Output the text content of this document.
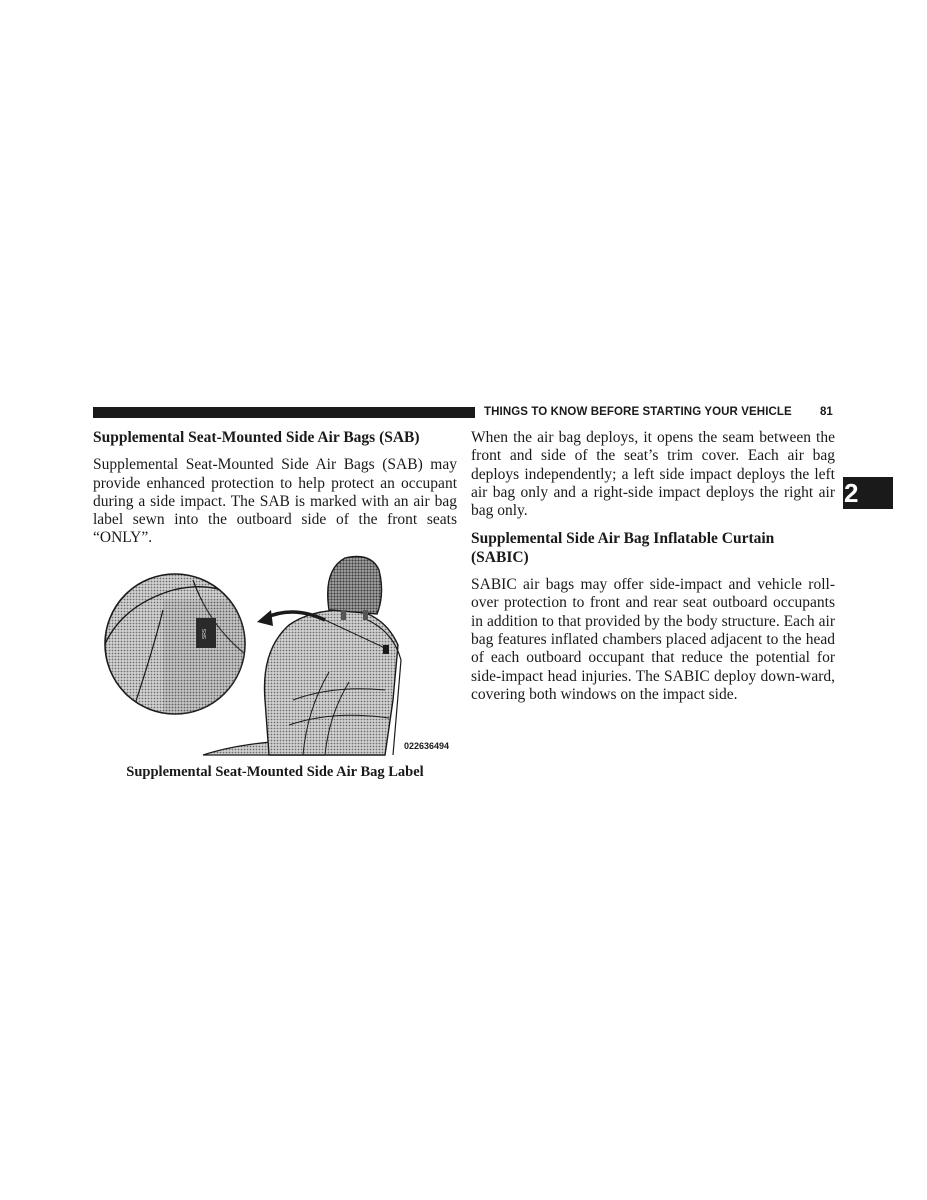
THINGS TO KNOW BEFORE STARTING YOUR VEHICLE 81
2
Supplemental Seat-Mounted Side Air Bags (SAB)

Supplemental Seat-Mounted Side Air Bags (SAB) may provide enhanced protection to help protect an occupant during a side impact. The SAB is marked with an air bag label sewn into the outboard side of the front seats “ONLY”.

SRS
022636494
Supplemental Seat-Mounted Side Air Bag Label

When the air bag deploys, it opens the seam between the front and side of the seat’s trim cover. Each air bag deploys independently; a left side impact deploys the left air bag only and a right-side impact deploys the right air bag only.

Supplemental Side Air Bag Inflatable Curtain (SABIC)

SABIC air bags may offer side-impact and vehicle roll-over protection to front and rear seat outboard occupants in addition to that provided by the body structure. Each air bag features inflated chambers placed adjacent to the head of each outboard occupant that reduce the potential for side-impact head injuries. The SABIC deploy down-ward, covering both windows on the impact side.
